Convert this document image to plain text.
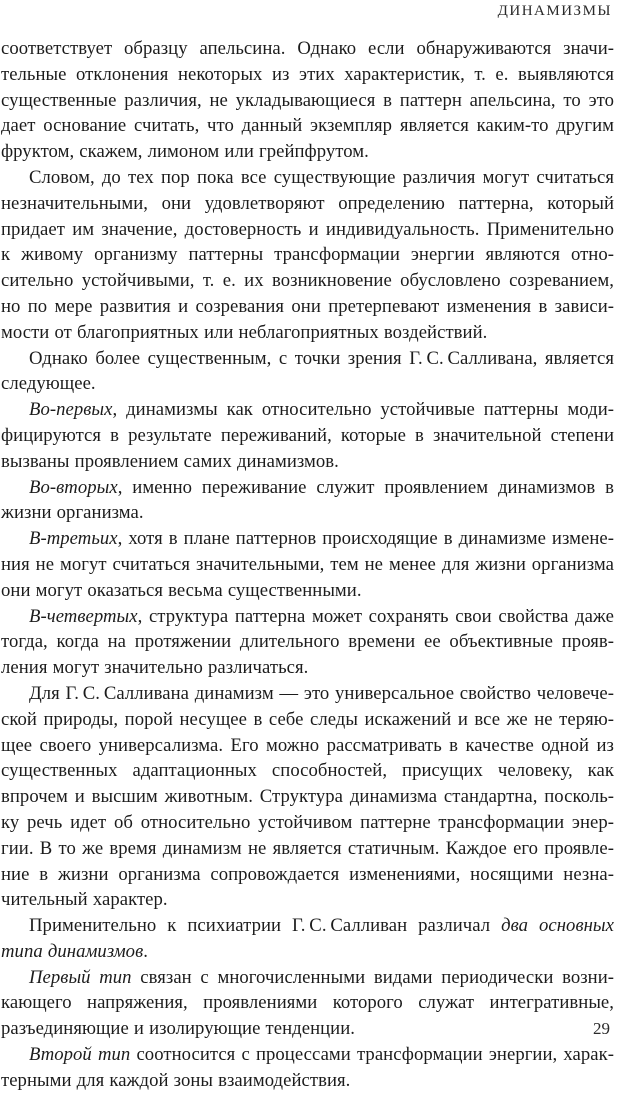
ДИНАМИЗМЫ

соответствует образцу апельсина. Однако если обнаруживаются значительные отклонения некоторых из этих характеристик, т. е. выявляются существенные различия, не укладывающиеся в паттерн апельсина, то это дает основание считать, что данный экземпляр является каким-то другим фруктом, скажем, лимоном или грейпфрутом.

Словом, до тех пор пока все существующие различия могут считаться незначительными, они удовлетворяют определению паттерна, который придает им значение, достоверность и индивидуальность. Применительно к живому организму паттерны трансформации энергии являются относительно устойчивыми, т. е. их возникновение обусловлено созреванием, но по мере развития и созревания они претерпевают изменения в зависимости от благоприятных или неблагоприятных воздействий.

Однако более существенным, с точки зрения Г. С. Салливана, является следующее.

Во-первых, динамизмы как относительно устойчивые паттерны модифицируются в результате переживаний, которые в значительной степени вызваны проявлением самих динамизмов.

Во-вторых, именно переживание служит проявлением динамизмов в жизни организма.

В-третьих, хотя в плане паттернов происходящие в динамизме изменения не могут считаться значительными, тем не менее для жизни организма они могут оказаться весьма существенными.

В-четвертых, структура паттерна может сохранять свои свойства даже тогда, когда на протяжении длительного времени ее объективные проявления могут значительно различаться.

Для Г. С. Салливана динамизм — это универсальное свойство человеческой природы, порой несущее в себе следы искажений и все же не теряющее своего универсализма. Его можно рассматривать в качестве одной из существенных адаптационных способностей, присущих человеку, как впрочем и высшим животным. Структура динамизма стандартна, поскольку речь идет об относительно устойчивом паттерне трансформации энергии. В то же время динамизм не является статичным. Каждое его проявление в жизни организма сопровождается изменениями, носящими незначительный характер.

Применительно к психиатрии Г. С. Салливан различал два основных типа динамизмов.

Первый тип связан с многочисленными видами периодически возникающего напряжения, проявлениями которого служат интегративные, разъединяющие и изолирующие тенденции.

Второй тип соотносится с процессами трансформации энергии, характерными для каждой зоны взаимодействия.

29
